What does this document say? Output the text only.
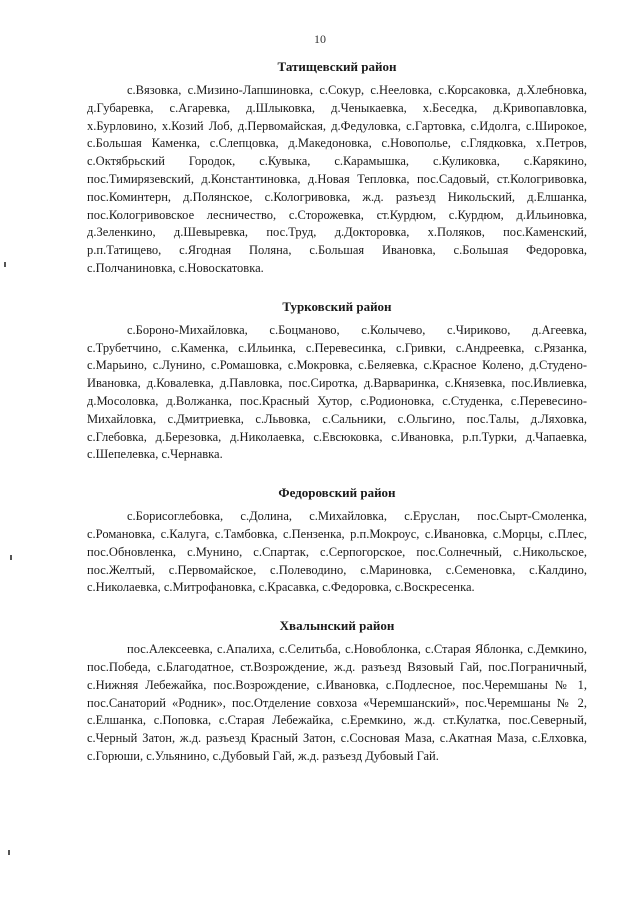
10
Татищевский район

с.Вязовка, с.Мизино-Лапшиновка, с.Сокур, с.Нееловка, с.Корсаковка, д.Хлебновка, д.Губаревка, с.Агаревка, д.Шлыковка, д.Ченыкаевка, х.Беседка, д.Кривопавловка, х.Бурловино, х.Козий Лоб, д.Первомайская, д.Федуловка, с.Гартовка, с.Идолга, с.Широкое, с.Большая Каменка, с.Слепцовка, д.Македоновка, с.Новополье, с.Глядковка, х.Петров, с.Октябрьский Городок, с.Кувыка, с.Карамышка, с.Куликовка, с.Карякино, пос.Тимирязевский, д.Константиновка, д.Новая Тепловка, пос.Садовый, ст.Кологривовка, пос.Коминтерн, д.Полянское, с.Кологривовка, ж.д. разъезд Никольский, д.Елшанка, пос.Кологривовское лесничество, с.Сторожевка, ст.Курдюм, с.Курдюм, д.Ильиновка, д.Зеленкино, д.Шевыревка, пос.Труд, д.Докторовка, х.Поляков, пос.Каменский, р.п.Татищево, с.Ягодная Поляна, с.Большая Ивановка, с.Большая Федоровка, с.Полчаниновка, с.Новоскатовка.

Турковский район

с.Бороно-Михайловка, с.Боцманово, с.Колычево, с.Чириково, д.Агеевка, с.Трубетчино, с.Каменка, с.Ильинка, с.Перевесинка, с.Гривки, с.Андреевка, с.Рязанка, с.Марьино, с.Лунино, с.Ромашовка, с.Мокровка, с.Беляевка, с.Красное Колено, д.Студено-Ивановка, д.Ковалевка, д.Павловка, пос.Сиротка, д.Варваринка, с.Князевка, пос.Ивлиевка, д.Мосоловка, д.Волжанка, пос.Красный Хутор, с.Родионовка, с.Студенка, с.Перевесино-Михайловка, с.Дмитриевка, с.Львовка, с.Сальники, с.Ольгино, пос.Талы, д.Ляховка, с.Глебовка, д.Березовка, д.Николаевка, с.Евсюковка, с.Ивановка, р.п.Турки, д.Чапаевка, с.Шепелевка, с.Чернавка.

Федоровский район

с.Борисоглебовка, с.Долина, с.Михайловка, с.Еруслан, пос.Сырт-Смоленка, с.Романовка, с.Калуга, с.Тамбовка, с.Пензенка, р.п.Мокроус, с.Ивановка, с.Морцы, с.Плес, пос.Обновленка, с.Мунино, с.Спартак, с.Серпогорское, пос.Солнечный, с.Никольское, пос.Желтый, с.Первомайское, с.Полеводино, с.Мариновка, с.Семеновка, с.Калдино, с.Николаевка, с.Митрофановка, с.Красавка, с.Федоровка, с.Воскресенка.

Хвалынский район

пос.Алексеевка, с.Апалиха, с.Селитьба, с.Новоблонка, с.Старая Яблонка, с.Демкино, пос.Победа, с.Благодатное, ст.Возрождение, ж.д. разъезд Вязовый Гай, пос.Пограничный, с.Нижняя Лебежайка, пос.Возрождение, с.Ивановка, с.Подлесное, пос.Черемшаны № 1, пос.Санаторий «Родник», пос.Отделение совхоза «Черемшанский», пос.Черемшаны № 2, с.Елшанка, с.Поповка, с.Старая Лебежайка, с.Еремкино, ж.д. ст.Кулатка, пос.Северный, с.Черный Затон, ж.д. разъезд Красный Затон, с.Сосновая Маза, с.Акатная Маза, с.Елховка, с.Горюши, с.Ульянино, с.Дубовый Гай, ж.д. разъезд Дубовый Гай.
